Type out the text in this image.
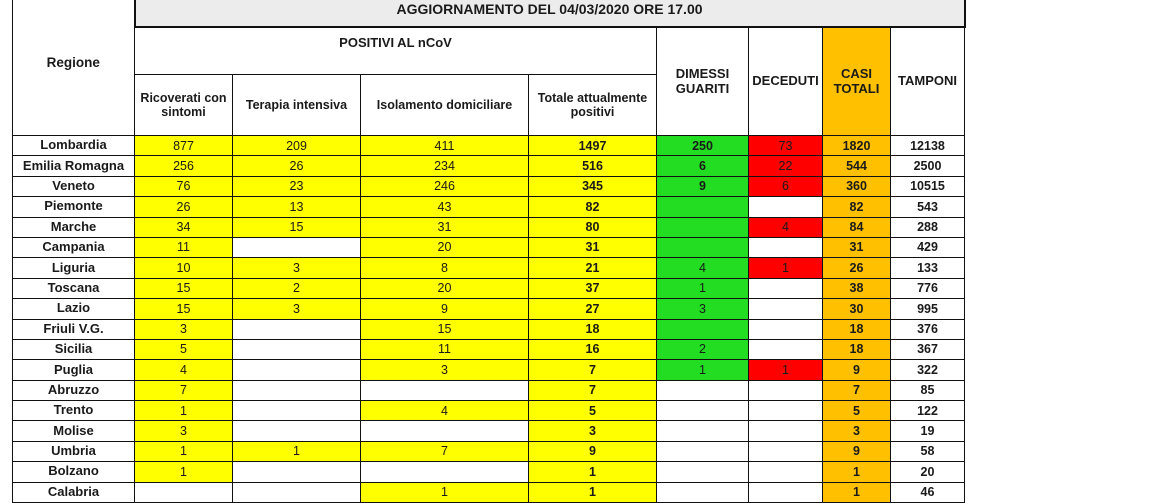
Regione	AGGIORNAMENTO DEL 04/03/2020 ORE 17.00							
	POSITIVI AL nCoV				DIMESSI GUARITI	DECEDUTI	CASI TOTALI	TAMPONI
	Ricoverati con sintomi	Terapia intensiva	Isolamento domiciliare	Totale attualmente positivi				
Lombardia	877	209	411	1497	250	73	1820	12138
Emilia Romagna	256	26	234	516	6	22	544	2500
Veneto	76	23	246	345	9	6	360	10515
Piemonte	26	13	43	82			82	543
Marche	34	15	31	80		4	84	288
Campania	11		20	31			31	429
Liguria	10	3	8	21	4	1	26	133
Toscana	15	2	20	37	1		38	776
Lazio	15	3	9	27	3		30	995
Friuli V.G.	3		15	18			18	376
Sicilia	5		11	16	2		18	367
Puglia	4		3	7	1	1	9	322
Abruzzo	7			7			7	85
Trento	1		4	5			5	122
Molise	3			3			3	19
Umbria	1	1	7	9			9	58
Bolzano	1			1			1	20
Calabria			1	1			1	46
